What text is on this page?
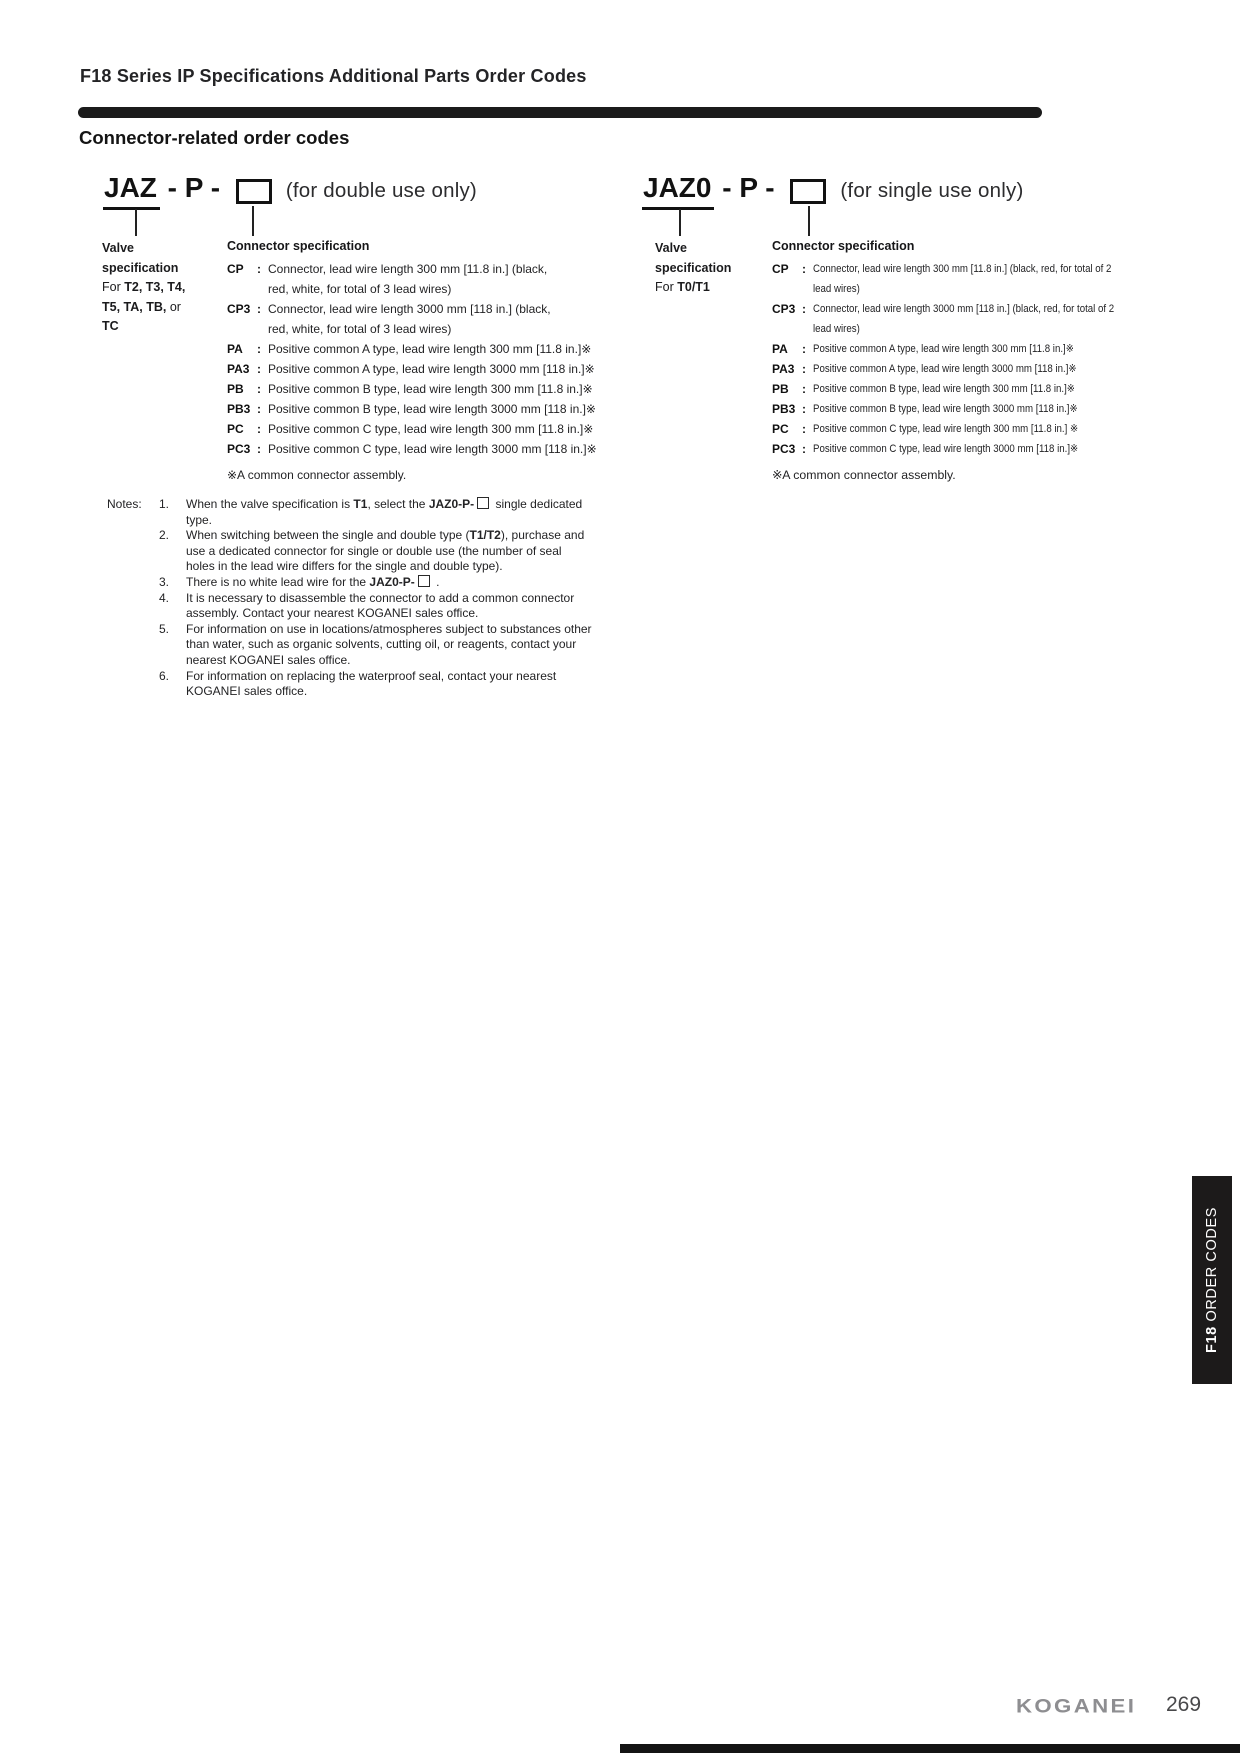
F18 Series IP Specifications Additional Parts Order Codes
Connector-related order codes
JAZ - P -	(for double use only)
Valve
specification
For T2, T3, T4,
T5, TA, TB, or
TC
Connector specification
CP	: Connector, lead wire length 300 mm [11.8 in.] (black,
red, white, for total of 3 lead wires)
CP3 : Connector, lead wire length 3000 mm [118 in.] (black,
red, white, for total of 3 lead wires)
PA	: Positive common A type, lead wire length 300 mm [11.8 in.]※
PA3 : Positive common A type, lead wire length 3000 mm [118 in.]※
PB	: Positive common B type, lead wire length 300 mm [11.8 in.]※
PB3 : Positive common B type, lead wire length 3000 mm [118 in.]※
PC	: Positive common C type, lead wire length 300 mm [11.8 in.]※
PC3 : Positive common C type, lead wire length 3000 mm [118 in.]※
※A common connector assembly.
JAZ0 - P -	(for single use only)
Valve
specification
For T0/T1
Connector specification
CP	: Connector, lead wire length 300 mm [11.8 in.] (black, red, for total of 2
lead wires)
CP3 : Connector, lead wire length 3000 mm [118 in.] (black, red, for total of 2
lead wires)
PA	: Positive common A type, lead wire length 300 mm [11.8 in.]※
PA3 : Positive common A type, lead wire length 3000 mm [118 in.]※
PB	: Positive common B type, lead wire length 300 mm [11.8 in.]※
PB3 : Positive common B type, lead wire length 3000 mm [118 in.]※
PC	: Positive common C type, lead wire length 300 mm [11.8 in.] ※
PC3 : Positive common C type, lead wire length 3000 mm [118 in.]※
※A common connector assembly.
Notes: 1.	When the valve specification is T1, select the JAZ0-P- single dedicated type.
2.	When switching between the single and double type (T1/T2), purchase and use a dedicated connector for single or double use (the number of seal holes in the lead wire differs for the single and double type).
3.	There is no white lead wire for the JAZ0-P- .
4.	It is necessary to disassemble the connector to add a common connector assembly. Contact your nearest KOGANEI sales office.
5.	For information on use in locations/atmospheres subject to substances other than water, such as organic solvents, cutting oil, or reagents, contact your nearest KOGANEI sales office.
6.	For information on replacing the waterproof seal, contact your nearest KOGANEI sales office.
F18 ORDER CODES
KOGANEI 269
